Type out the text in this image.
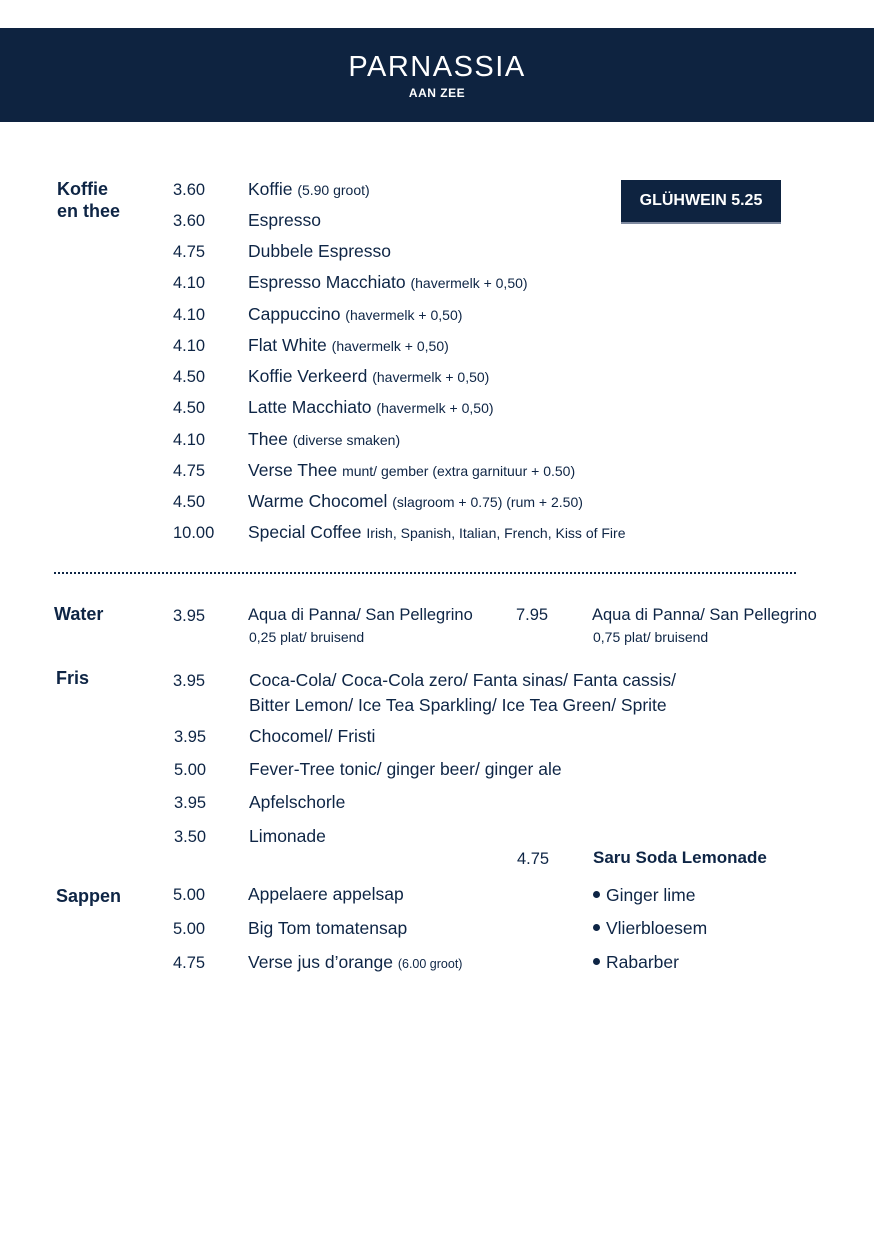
PARNASSIA
AAN ZEE
GLÜHWEIN 5.25
Koffie
en thee
3.60 Koffie (5.90 groot)
3.60 Espresso
4.75 Dubbele Espresso
4.10 Espresso Macchiato (havermelk + 0,50)
4.10 Cappuccino (havermelk + 0,50)
4.10 Flat White (havermelk + 0,50)
4.50 Koffie Verkeerd (havermelk + 0,50)
4.50 Latte Macchiato (havermelk + 0,50)
4.10 Thee (diverse smaken)
4.75 Verse Thee munt/ gember (extra garnituur + 0.50)
4.50 Warme Chocomel (slagroom + 0.75) (rum + 2.50)
10.00 Special Coffee Irish, Spanish, Italian, French, Kiss of Fire
Water	3.95	Aqua di Panna/ San Pellegrino
0,25 plat/ bruisend
7.95	Aqua di Panna/ San Pellegrino
0,75 plat/ bruisend
Fris	3.95	Coca-Cola/ Coca-Cola zero/ Fanta sinas/ Fanta cassis/
Bitter Lemon/ Ice Tea Sparkling/ Ice Tea Green/ Sprite
3.95 Chocomel/ Fristi
5.00 Fever-Tree tonic/ ginger beer/ ginger ale
3.95 Apfelschorle
3.50 Limonade
4.75	Saru Soda Lemonade
Ginger lime
Vlierbloesem
Rabarber
Sappen	5.00 Appelaere appelsap
5.00 Big Tom tomatensap
4.75 Verse jus d’orange (6.00 groot)
